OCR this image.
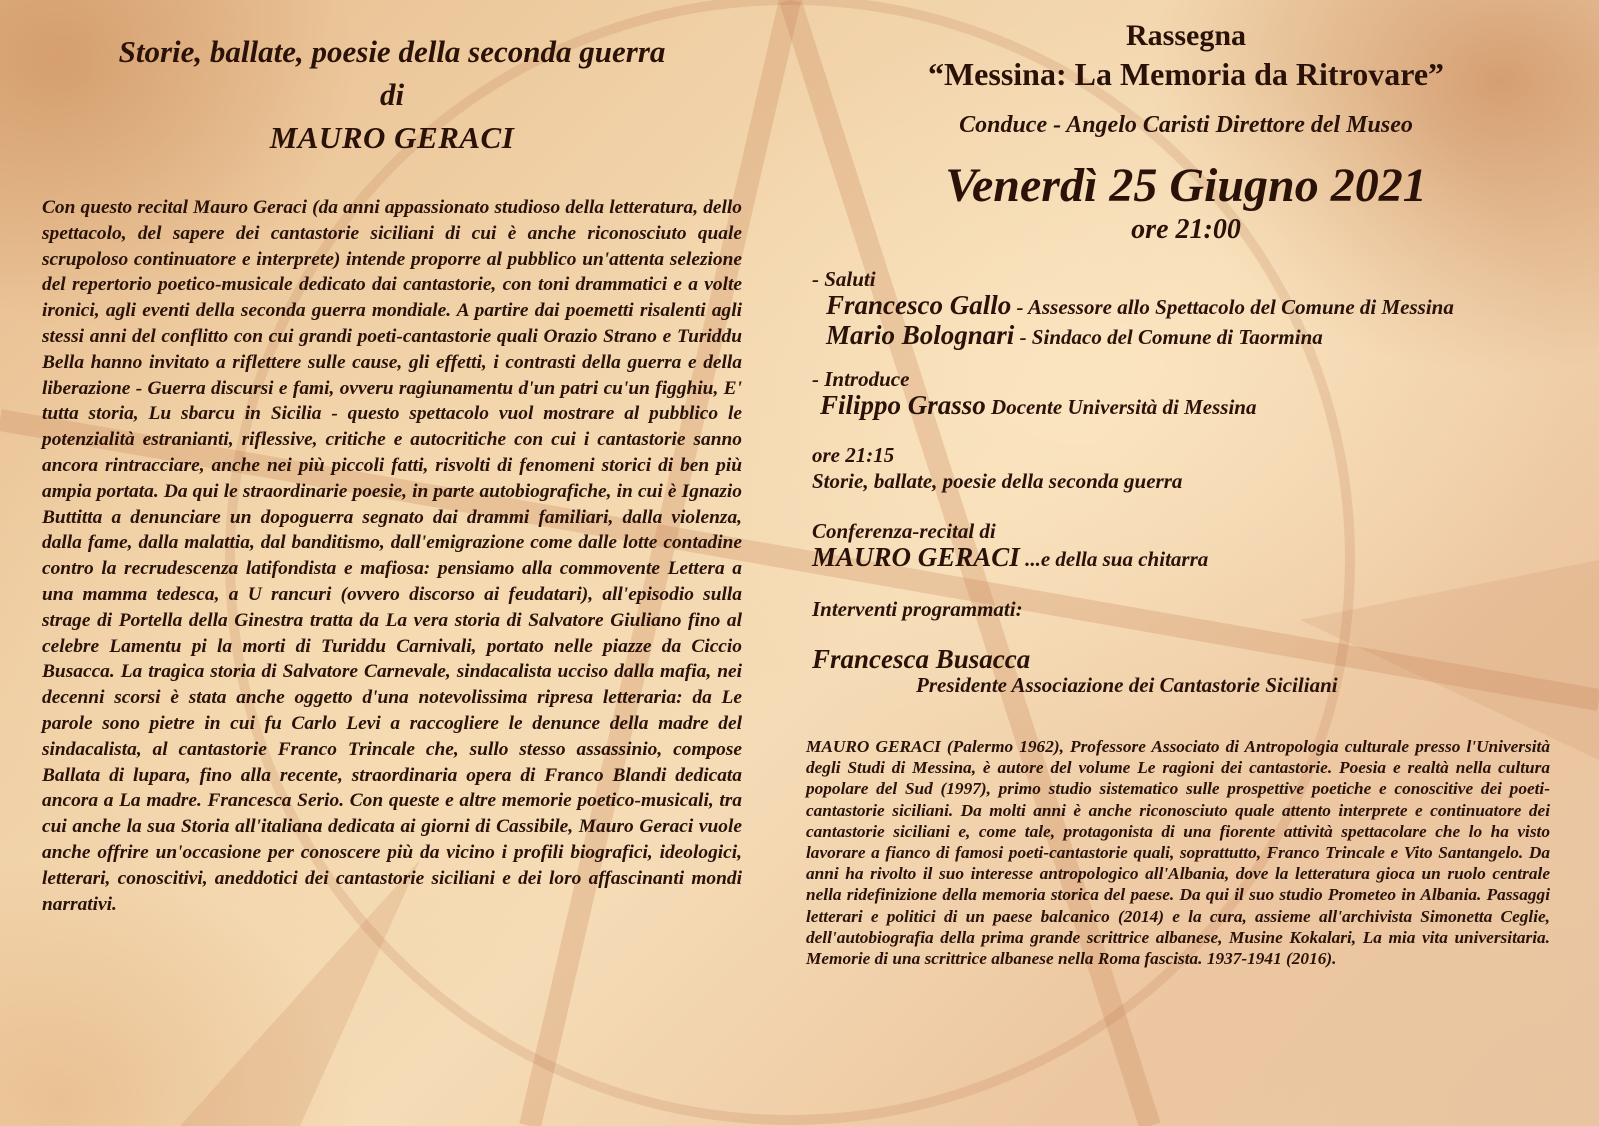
Storie, ballate, poesie della seconda guerra
di
MAURO GERACI
Con questo recital Mauro Geraci (da anni appassionato studioso della letteratura, dello spettacolo, del sapere dei cantastorie siciliani di cui è anche riconosciuto quale scrupoloso continuatore e interprete) intende proporre al pubblico un'attenta selezione del repertorio poetico-musicale dedicato dai cantastorie, con toni drammatici e a volte ironici, agli eventi della seconda guerra mondiale. A partire dai poemetti risalenti agli stessi anni del conflitto con cui grandi poeti-cantastorie quali Orazio Strano e Turiddu Bella hanno invitato a riflettere sulle cause, gli effetti, i contrasti della guerra e della liberazione - Guerra discursi e fami, ovveru ragiunamentu d'un patri cu'un figghiu, E' tutta storia, Lu sbarcu in Sicilia - questo spettacolo vuol mostrare al pubblico le potenzialità estranianti, riflessive, critiche e autocritiche con cui i cantastorie sanno ancora rintracciare, anche nei più piccoli fatti, risvolti di fenomeni storici di ben più ampia portata. Da qui le straordinarie poesie, in parte autobiografiche, in cui è Ignazio Buttitta a denunciare un dopoguerra segnato dai drammi familiari, dalla violenza, dalla fame, dalla malattia, dal banditismo, dall'emigrazione come dalle lotte contadine contro la recrudescenza latifondista e mafiosa: pensiamo alla commovente Lettera a una mamma tedesca, a U rancuri (ovvero discorso ai feudatari), all'episodio sulla strage di Portella della Ginestra tratta da La vera storia di Salvatore Giuliano fino al celebre Lamentu pi la morti di Turiddu Carnivali, portato nelle piazze da Ciccio Busacca. La tragica storia di Salvatore Carnevale, sindacalista ucciso dalla mafia, nei decenni scorsi è stata anche oggetto d'una notevolissima ripresa letteraria: da Le parole sono pietre in cui fu Carlo Levi a raccogliere le denunce della madre del sindacalista, al cantastorie Franco Trincale che, sullo stesso assassinio, compose Ballata di lupara, fino alla recente, straordinaria opera di Franco Blandi dedicata ancora a La madre. Francesca Serio. Con queste e altre memorie poetico-musicali, tra cui anche la sua Storia all'italiana dedicata ai giorni di Cassibile, Mauro Geraci vuole anche offrire un'occasione per conoscere più da vicino i profili biografici, ideologici, letterari, conoscitivi, aneddotici dei cantastorie siciliani e dei loro affascinanti mondi narrativi.
Rassegna
“Messina: La Memoria da Ritrovare”
Conduce - Angelo Caristi Direttore del Museo
Venerdì 25 Giugno 2021
ore 21:00
- Saluti
Francesco Gallo - Assessore allo Spettacolo del Comune di Messina
Mario Bolognari - Sindaco del Comune di Taormina
- Introduce
Filippo Grasso Docente Università di Messina
ore 21:15
Storie, ballate, poesie della seconda guerra
Conferenza-recital di
MAURO GERACI ...e della sua chitarra
Interventi programmati:
Francesca Busacca
Presidente Associazione dei Cantastorie Siciliani
MAURO GERACI (Palermo 1962), Professore Associato di Antropologia culturale presso l'Università degli Studi di Messina, è autore del volume Le ragioni dei cantastorie. Poesia e realtà nella cultura popolare del Sud (1997), primo studio sistematico sulle prospettive poetiche e conoscitive dei poeti-cantastorie siciliani. Da molti anni è anche riconosciuto quale attento interprete e continuatore dei cantastorie siciliani e, come tale, protagonista di una fiorente attività spettacolare che lo ha visto lavorare a fianco di famosi poeti-cantastorie quali, soprattutto, Franco Trincale e Vito Santangelo. Da anni ha rivolto il suo interesse antropologico all'Albania, dove la letteratura gioca un ruolo centrale nella ridefinizione della memoria storica del paese. Da qui il suo studio Prometeo in Albania. Passaggi letterari e politici di un paese balcanico (2014) e la cura, assieme all'archivista Simonetta Ceglie, dell'autobiografia della prima grande scrittrice albanese, Musine Kokalari, La mia vita universitaria. Memorie di una scrittrice albanese nella Roma fascista. 1937-1941 (2016).
